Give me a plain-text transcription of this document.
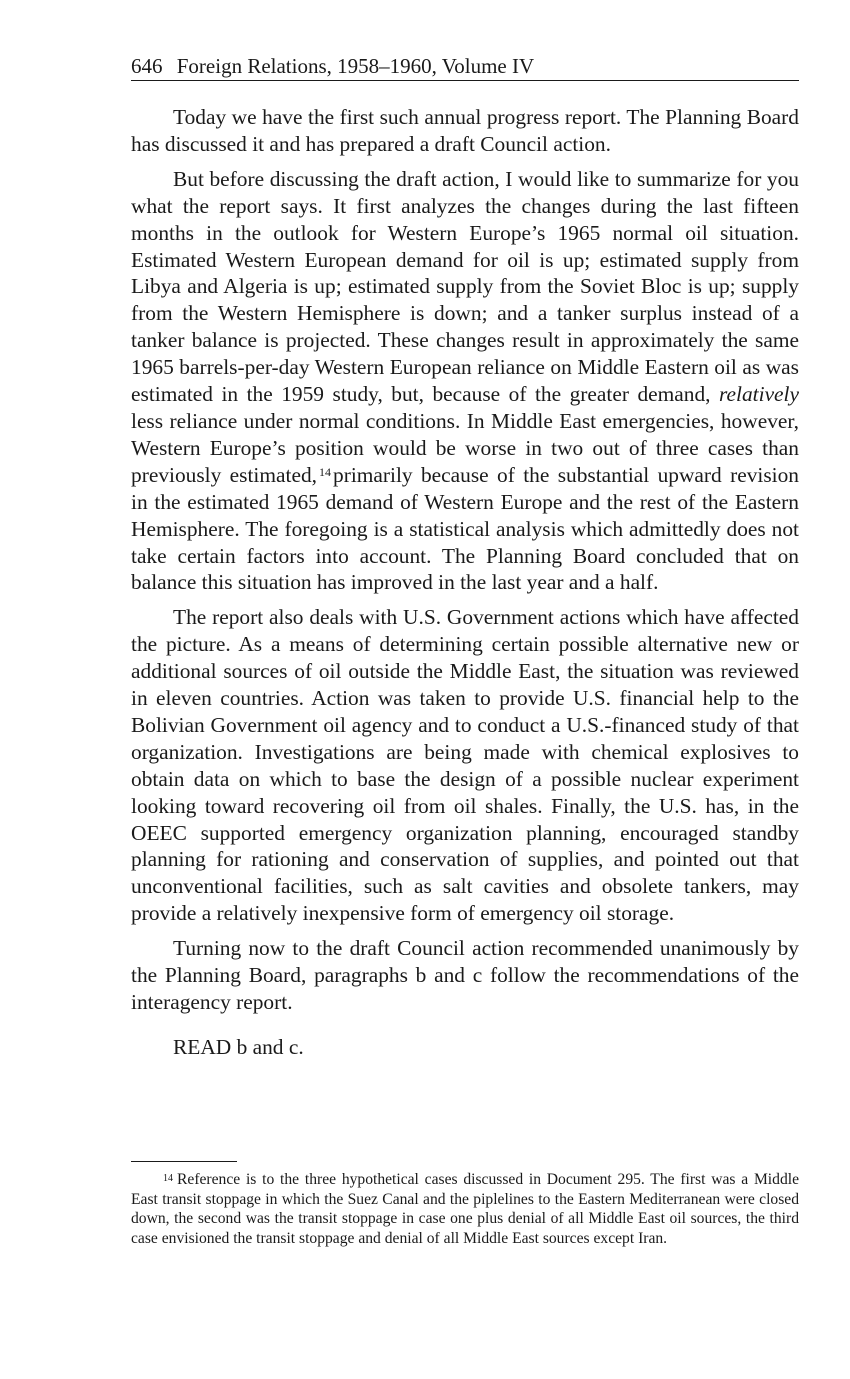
646 Foreign Relations, 1958–1960, Volume IV

Today we have the first such annual progress report. The Planning Board has discussed it and has prepared a draft Council action.

But before discussing the draft action, I would like to summarize for you what the report says. It first analyzes the changes during the last fifteen months in the outlook for Western Europe’s 1965 normal oil situation. Estimated Western European demand for oil is up; estimated supply from Libya and Algeria is up; estimated supply from the Soviet Bloc is up; supply from the Western Hemisphere is down; and a tanker surplus instead of a tanker balance is projected. These changes result in approximately the same 1965 barrels-per-day Western European reliance on Middle Eastern oil as was estimated in the 1959 study, but, because of the greater demand, relatively less reliance under normal conditions. In Middle East emergencies, however, Western Europe’s position would be worse in two out of three cases than previously estimated, $^{14}$primarily because of the substantial upward revision in the estimated 1965 demand of Western Europe and the rest of the Eastern Hemisphere. The foregoing is a statistical analysis which admittedly does not take certain factors into account. The Planning Board concluded that on balance this situation has improved in the last year and a half.

The report also deals with U.S. Government actions which have affected the picture. As a means of determining certain possible alternative new or additional sources of oil outside the Middle East, the situation was reviewed in eleven countries. Action was taken to provide U.S. financial help to the Bolivian Government oil agency and to conduct a U.S.-financed study of that organization. Investigations are being made with chemical explosives to obtain data on which to base the design of a possible nuclear experiment looking toward recovering oil from oil shales. Finally, the U.S. has, in the OEEC supported emergency organization planning, encouraged standby planning for rationing and conservation of supplies, and pointed out that unconventional facilities, such as salt cavities and obsolete tankers, may provide a relatively inexpensive form of emergency oil storage.

Turning now to the draft Council action recommended unanimously by the Planning Board, paragraphs b and c follow the recommendations of the interagency report.

READ b and c.

$^{14}$ Reference is to the three hypothetical cases discussed in Document 295. The first was a Middle East transit stoppage in which the Suez Canal and the piplelines to the Eastern Mediterranean were closed down, the second was the transit stoppage in case one plus denial of all Middle East oil sources, the third case envisioned the transit stoppage and denial of all Middle East sources except Iran.
